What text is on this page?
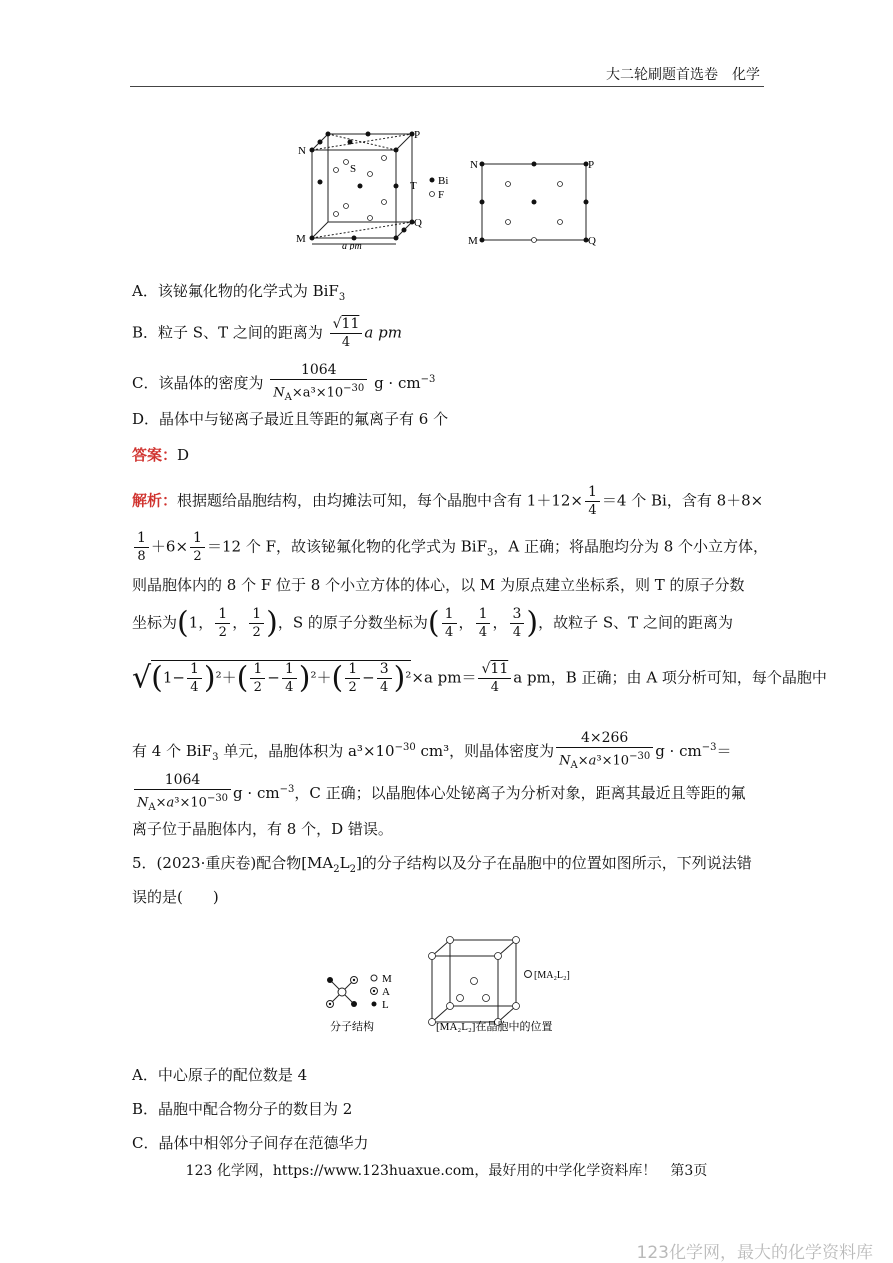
大二轮刷题首选卷　化学
N
P
M
Q
S
T Bi
F
a pm
N	P
M	Q
A．该铋氟化物的化学式为 BiF$_3$
B．粒子 S、T 之间的距离为 $\frac{√11}{4}$ a pm
C．该晶体的密度为 $\frac{1064}{N_A\times a^3\times 10^{-30}}$ $g \cdot cm^{-3}$
D．晶体中与铋离子最近且等距的氟离子有 6 个
答案：D
解析：根据题给晶胞结构，由均摊法可知，每个晶胞中含有 $1+12\times \frac{1}{4} =4$ 个 Bi，含有 8＋8×
$\frac{1}{8} +6\times \frac{1}{2} =12$ 个 F，故该铋氟化物的化学式为 BiF$_3$，A 正确；将晶胞均分为 8 个小立方体，
则晶胞体内的 8 个 F 位于 8 个小立方体的体心，以 M 为原点建立坐标系，则 T 的原子分数
坐标为(1， $\frac{1}{2}$ ， $\frac{1}{2}$ )，S 的原子分数坐标为( $\frac{1}{4}$ ， $\frac{1}{4}$ ， $\frac{3}{4}$ )，故粒子 S、T 之间的距离为
$√(1- \frac{1}{4} )^2+( \frac{1}{2} - \frac{1}{4} )^2+( \frac{1}{2} - \frac{3}{4} )^2\times a$ $pm= \frac{√11}{4}$ a pm，B 正确；由 A 项分析可知，每个晶胞中
有 4 个 BiF$_3$ 单元，晶胞体积为 $a^3\times 10^{-30}$ cm³，则晶体密度为 $\frac{4\times 266}{N_A\times a^3\times 10^{-30}}$ $g \cdot cm^{-3}=$
$\frac{1064}{N_A\times a^3\times 10^{-30}}$ $g \cdot cm^{-3}$，C 正确；以晶胞体心处铋离子为分析对象，距离其最近且等距的氟
离子位于晶胞体内，有 8 个，D 错误。
5．(2023·重庆卷)配合物$[MA_2L_2]$的分子结构以及分子在晶胞中的位置如图所示，下列说法错
误的是(　　)
M
A
L
分子结构
[MA₂L₂]
[MA₂L₂]在晶胞中的位置
A．中心原子的配位数是 4
B．晶胞中配合物分子的数目为 2
C．晶体中相邻分子间存在范德华力
123 化学网，https://www.123huaxue.com，最好用的中学化学资料库！　第3页
123化学网，最大的化学资料库
